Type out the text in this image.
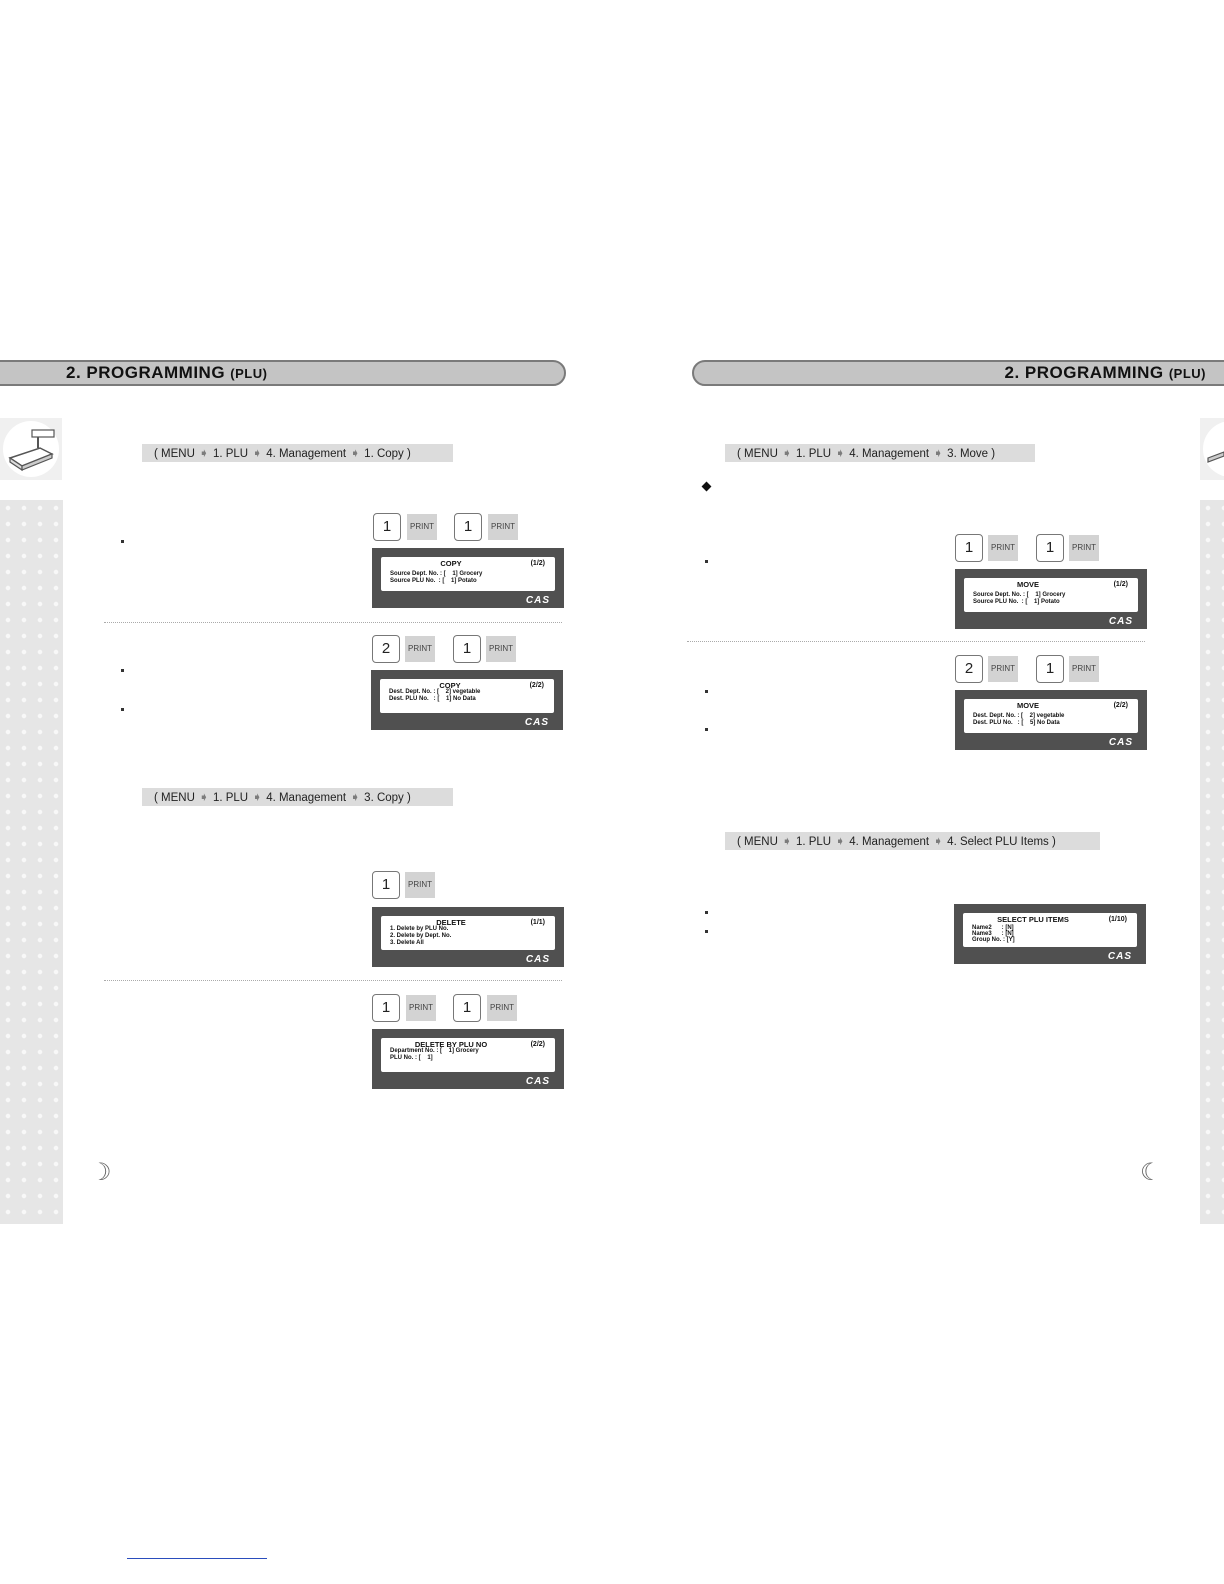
2. PROGRAMMING (PLU)	2. PROGRAMMING (PLU)
( MENU ➧ 1. PLU ➧ 4. Management ➧ 1. Copy )
1	PRINT	1	PRINT
COPY	(1/2)
Source Dept. No. : [    1] Grocery
Source PLU No.  : [    1] Potato
CAS
2	PRINT	1	PRINT
COPY	(2/2)
Dest. Dept. No. : [    2] vegetable
Dest. PLU No.   : [    1] No Data
CAS
( MENU ➧ 1. PLU ➧ 4. Management ➧ 3. Copy )
1	PRINT
DELETE	(1/1)
1. Delete by PLU No.
2. Delete by Dept. No.
3. Delete All
CAS
1	PRINT	1	PRINT
DELETE BY PLU NO	(2/2)
Department No. : [    1] Grocery
PLU No. : [    1]
CAS
( MENU ➧ 1. PLU ➧ 4. Management ➧ 3. Move )
1	PRINT	1	PRINT
MOVE	(1/2)
Source Dept. No. : [    1] Grocery
Source PLU No.  : [    1] Potato
CAS
2	PRINT	1	PRINT
MOVE	(2/2)
Dest. Dept. No. : [    2] vegetable
Dest. PLU No.   : [    5] No Data
CAS
( MENU ➧ 1. PLU ➧ 4. Management ➧ 4. Select PLU Items )
SELECT PLU ITEMS	(1/10)
Name2      : [N]
Name3      : [N]
Group No. : [Y]
CAS
☽	☾
